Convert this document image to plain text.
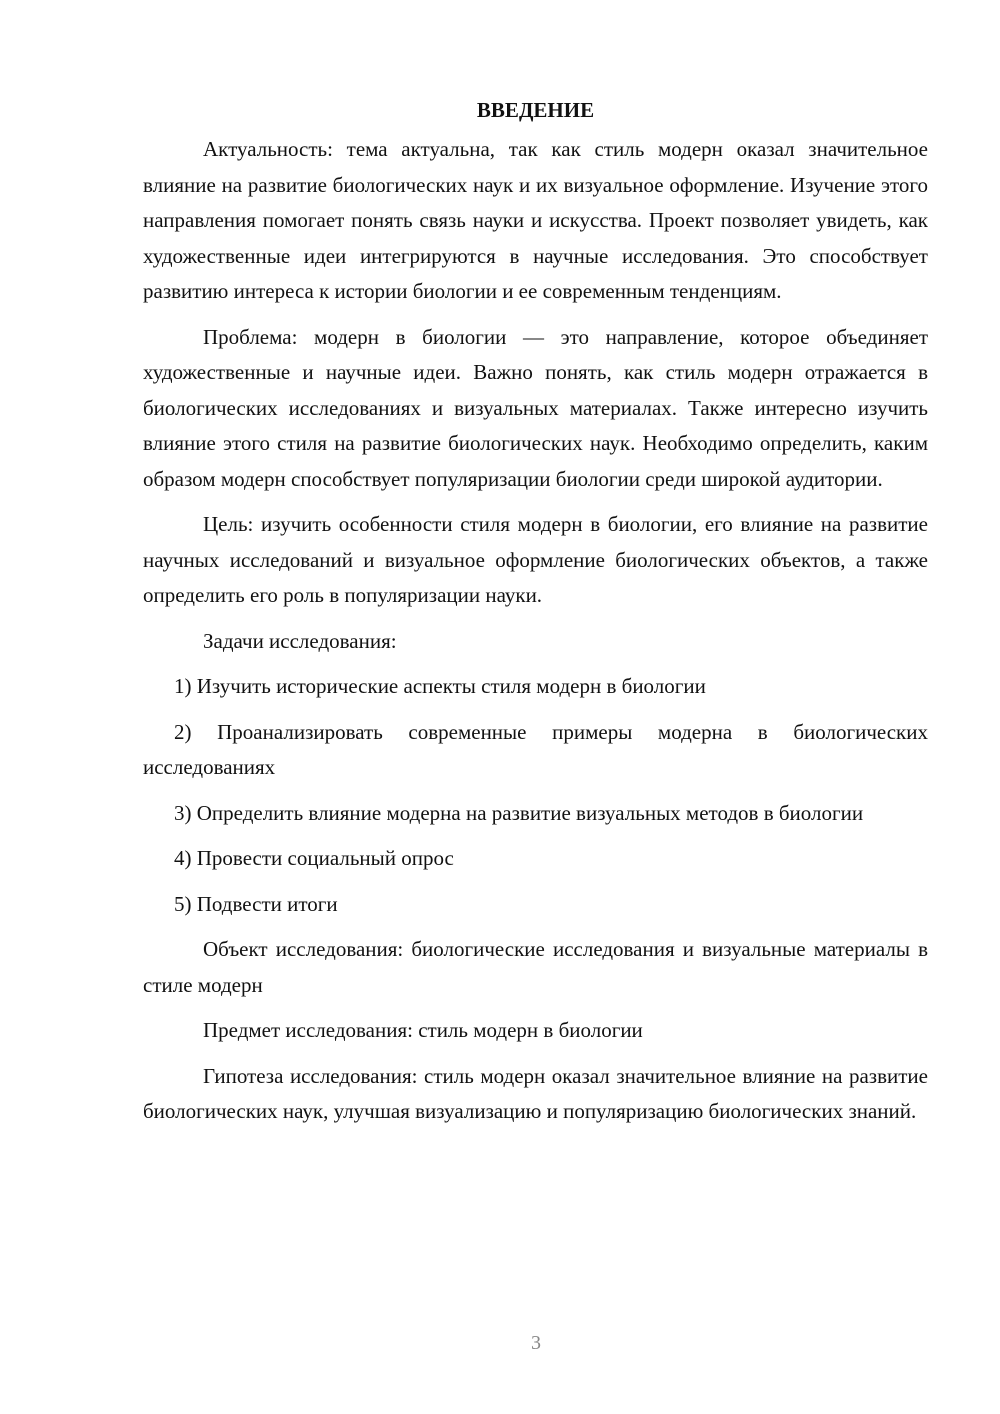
ВВЕДЕНИЕ

Актуальность: тема актуальна, так как стиль модерн оказал значительное влияние на развитие биологических наук и их визуальное оформление. Изучение этого направления помогает понять связь науки и искусства. Проект позволяет увидеть, как художественные идеи интегрируются в научные исследования. Это способствует развитию интереса к истории биологии и ее современным тенденциям.

Проблема: модерн в биологии — это направление, которое объединяет художественные и научные идеи. Важно понять, как стиль модерн отражается в биологических исследованиях и визуальных материалах. Также интересно изучить влияние этого стиля на развитие биологических наук. Необходимо определить, каким образом модерн способствует популяризации биологии среди широкой аудитории.

Цель: изучить особенности стиля модерн в биологии, его влияние на развитие научных исследований и визуальное оформление биологических объектов, а также определить его роль в популяризации науки.

Задачи исследования:

1) Изучить исторические аспекты стиля модерн в биологии

2) Проанализировать современные примеры модерна в биологических исследованиях

3) Определить влияние модерна на развитие визуальных методов в биологии

4) Провести социальный опрос

5) Подвести итоги

Объект исследования: биологические исследования и визуальные материалы в стиле модерн

Предмет исследования: стиль модерн в биологии

Гипотеза исследования: стиль модерн оказал значительное влияние на развитие биологических наук, улучшая визуализацию и популяризацию биологических знаний.

3
